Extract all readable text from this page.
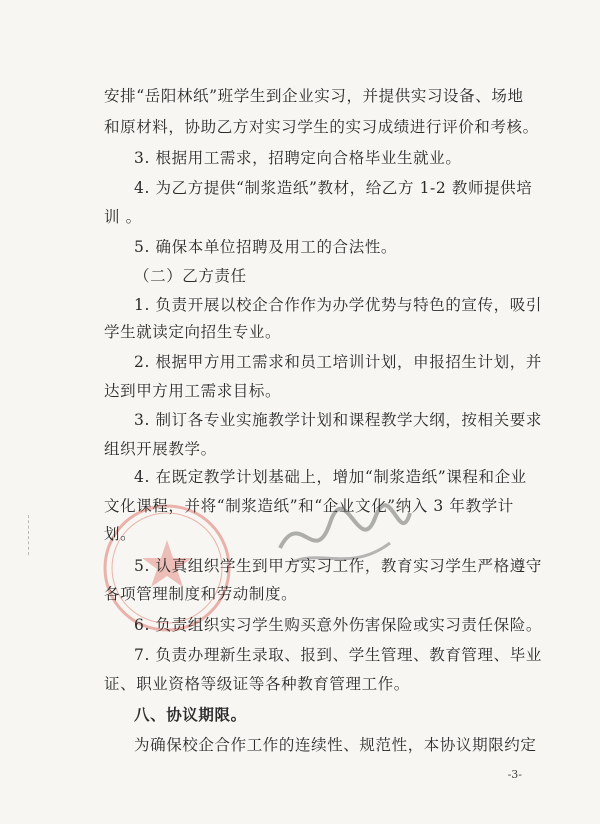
安排“岳阳林纸”班学生到企业实习，并提供实习设备、场地
和原材料，协助乙方对实习学生的实习成绩进行评价和考核。
3. 根据用工需求，招聘定向合格毕业生就业。
4. 为乙方提供“制浆造纸”教材，给乙方 1-2 教师提供培
训 。
5. 确保本单位招聘及用工的合法性。
（二）乙方责任
1. 负责开展以校企合作作为办学优势与特色的宣传，吸引
学生就读定向招生专业。
2. 根据甲方用工需求和员工培训计划，申报招生计划，并
达到甲方用工需求目标。
3. 制订各专业实施教学计划和课程教学大纲，按相关要求
组织开展教学。
4. 在既定教学计划基础上，增加“制浆造纸”课程和企业
文化课程，并将“制浆造纸”和“企业文化”纳入 3 年教学计
划。
5. 认真组织学生到甲方实习工作，教育实习学生严格遵守
各项管理制度和劳动制度。
6. 负责组织实习学生购买意外伤害保险或实习责任保险。
7. 负责办理新生录取、报到、学生管理、教育管理、毕业
证、职业资格等级证等各种教育管理工作。
八、协议期限。
为确保校企合作工作的连续性、规范性，本协议期限约定
-3-
